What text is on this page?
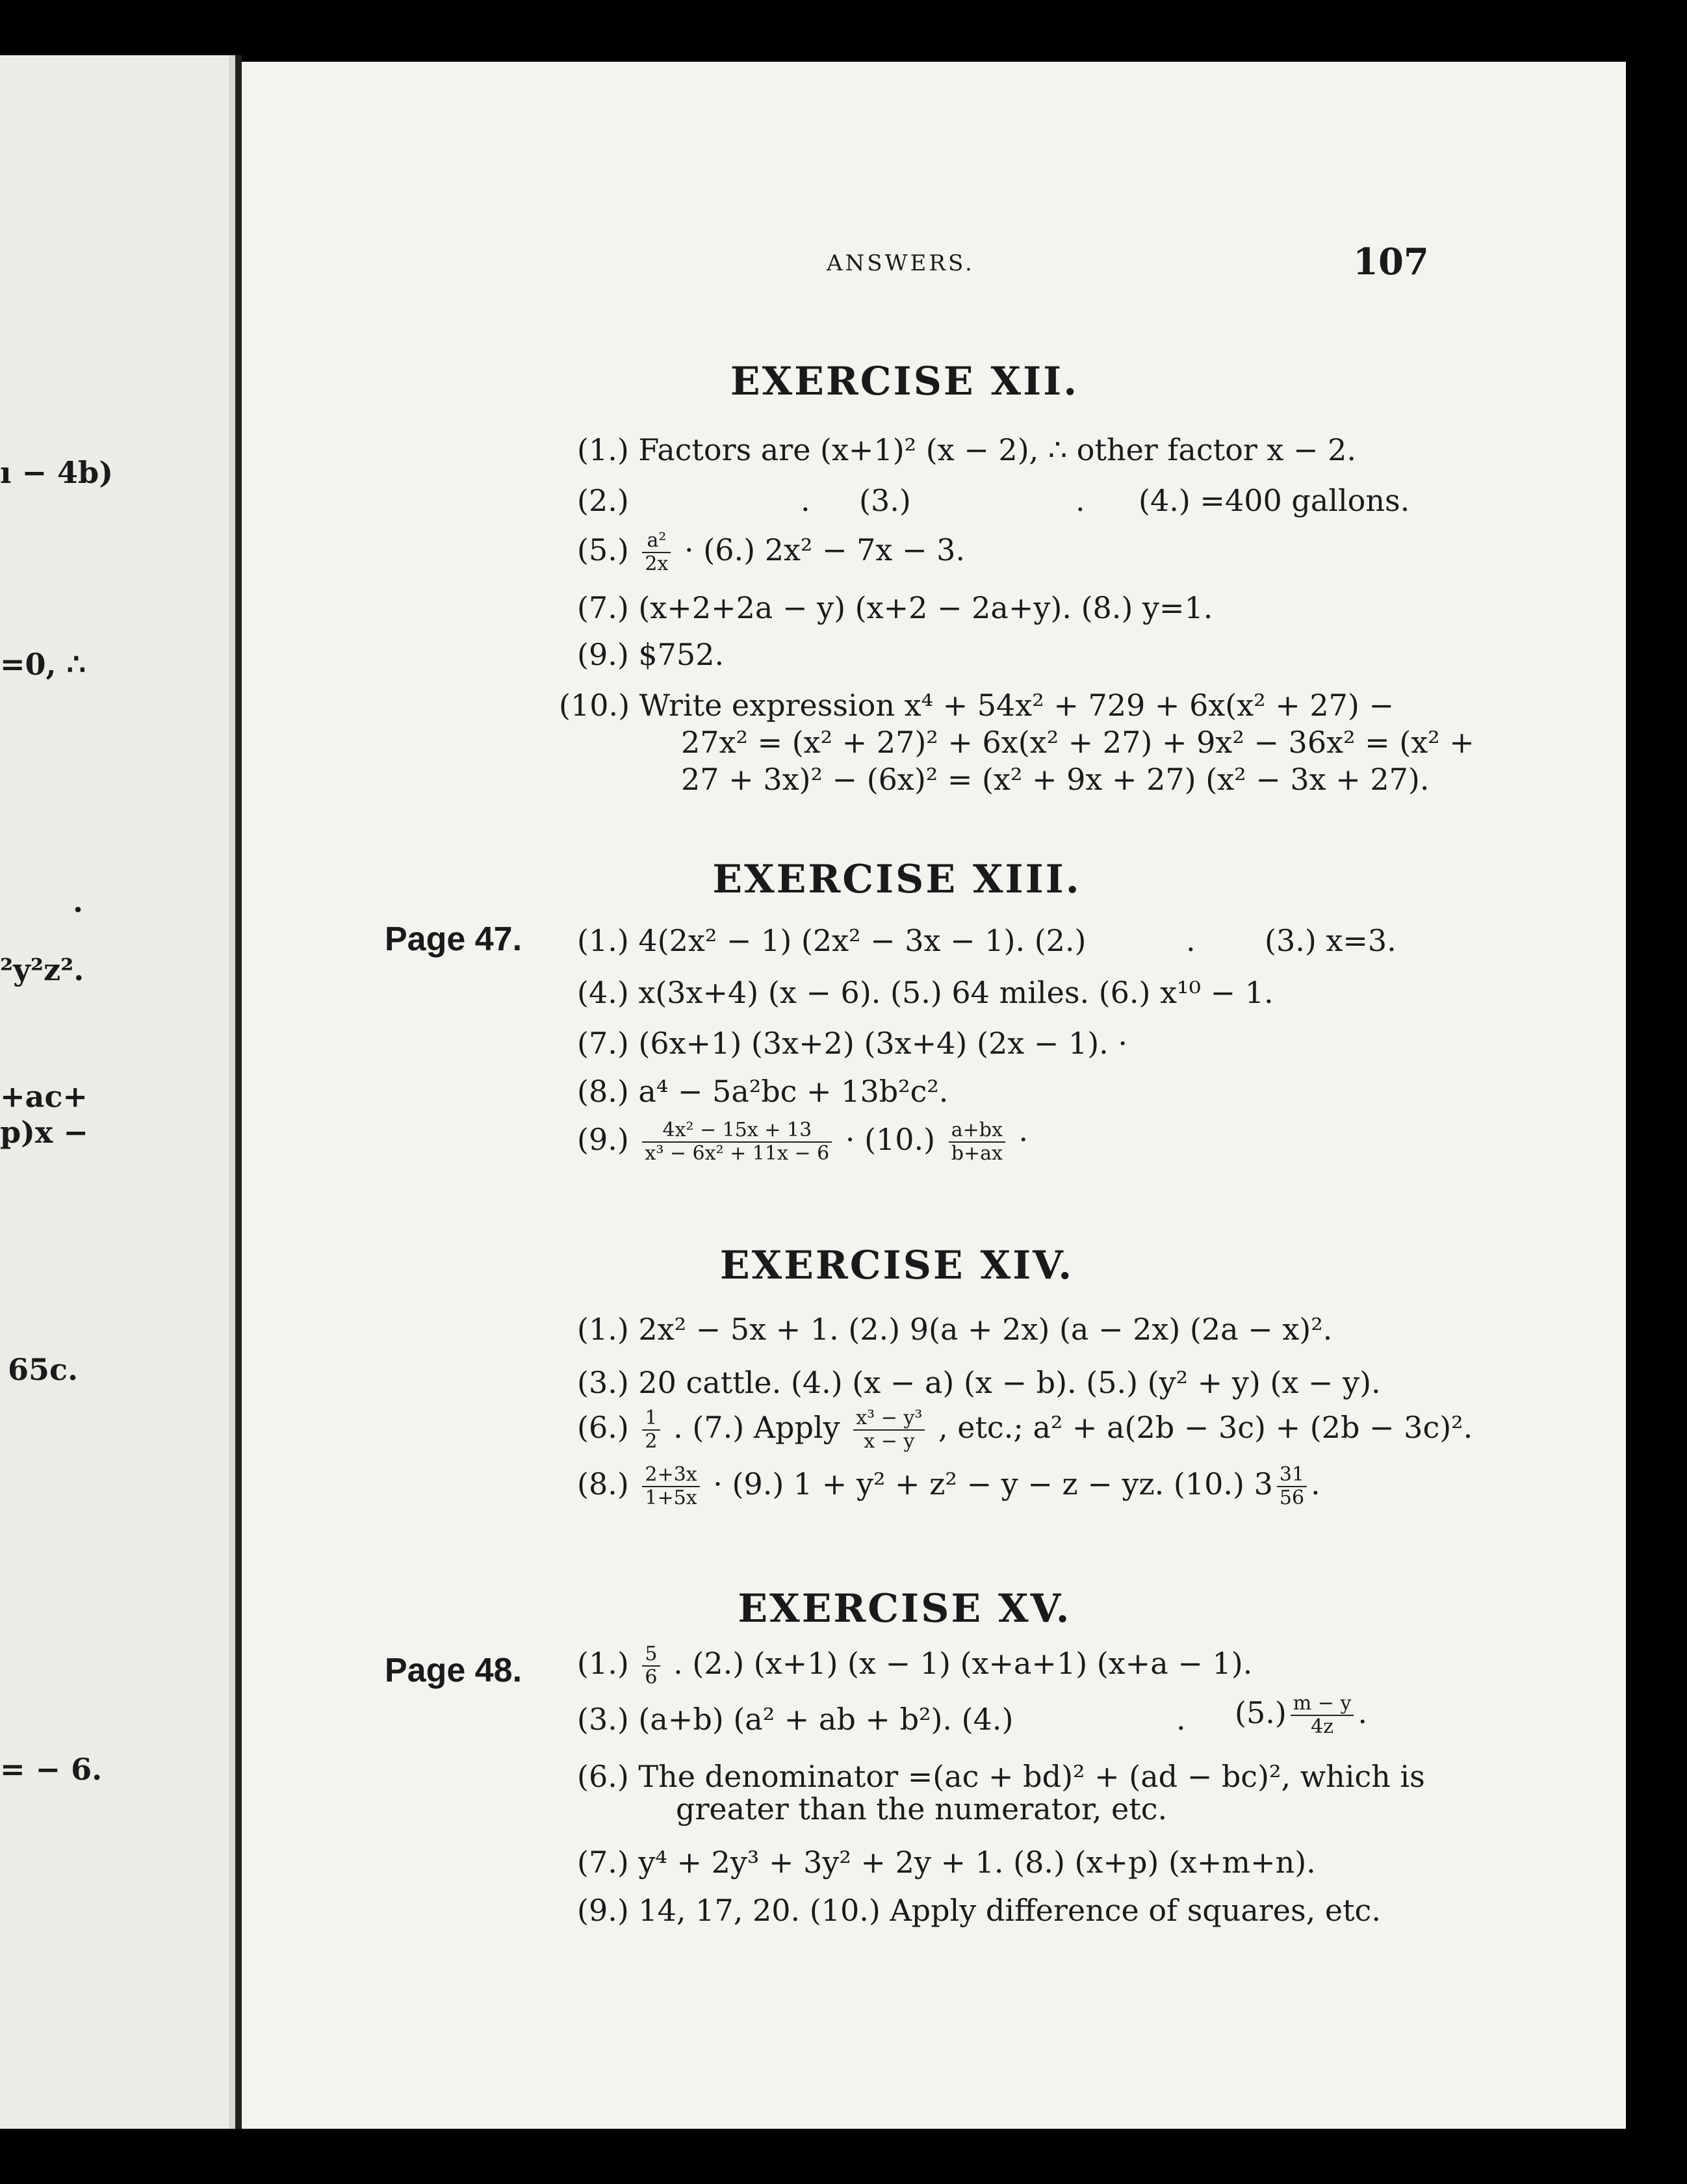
ı − 4b)
=0, ∴
.
²y²z².
+ac+
p)x −
65c.
= − 6.
ANSWERS.	107
EXERCISE XII.
(1.) Factors are (x+1)² (x − 2), ∴ other factor x − 2.
(2.)	. (3.)	. (4.) =400 gallons.
$(5.) \frac{\text{a²}}{2x} \cdot (6.) 2x^2 - 7x - 3$.
(7.) (x+2+2a − y) (x+2 − 2a+y). (8.) y=1.
(9.) $752.
(10.) Write expression x⁴ + 54x² + 729 + 6x(x² + 27) −
27x² = (x² + 27)² + 6x(x² + 27) + 9x² − 36x² = (x² +
27 + 3x)² − (6x)² = (x² + 9x + 27) (x² − 3x + 27).
EXERCISE XIII.
Page 47. (1.) 4(2x² − 1) (2x² − 3x − 1). (2.)	. (3.) x=3.
(4.) x(3x+4) (x − 6). (5.) 64 miles. (6.) x¹⁰ − 1.
(7.) (6x+1) (3x+2) (3x+4) (2x − 1). ·
(8.) a⁴ − 5a²bc + 13b²c².
$(9.) \frac{\text{4x² − 15x + 13}}{\text{x³ − 6x² + 11x − 6}} \cdot (10.) \frac{a+bx}{b+ax}$ ·
EXERCISE XIV.
(1.) 2x² − 5x + 1. (2.) 9(a + 2x) (a − 2x) (2a − x)².
(3.) 20 cattle. (4.) (x − a) (x − b). (5.) (y² + y) (x − y).
$(6.) \frac{1}{2}$ . (7.) Apply $\frac{\text{x³ − y³}}{x - y}$ , etc.; a² + a(2b − 3c) + (2b − 3c)².
$(8.) \frac{2+3x}{1+5x} \cdot (9.) 1 + y^2 + z^2 - y - z$ − yz. (10.) $3 \frac{31}{56}$ .
EXERCISE XV.
Page 48. $(1.) \frac{5}{6}$ . (2.) (x+1) (x − 1) (x+a+1) (x+a − 1).
(3.) (a+b) (a² + ab + b²). (4.)	. $(5.) \frac{m - y}{4z}$ .
(6.) The denominator =(ac + bd)² + (ad − bc)², which is
greater than the numerator, etc.
(7.) y⁴ + 2y³ + 3y² + 2y + 1. (8.) (x+p) (x+m+n).
(9.) 14, 17, 20. (10.) Apply difference of squares, etc.
